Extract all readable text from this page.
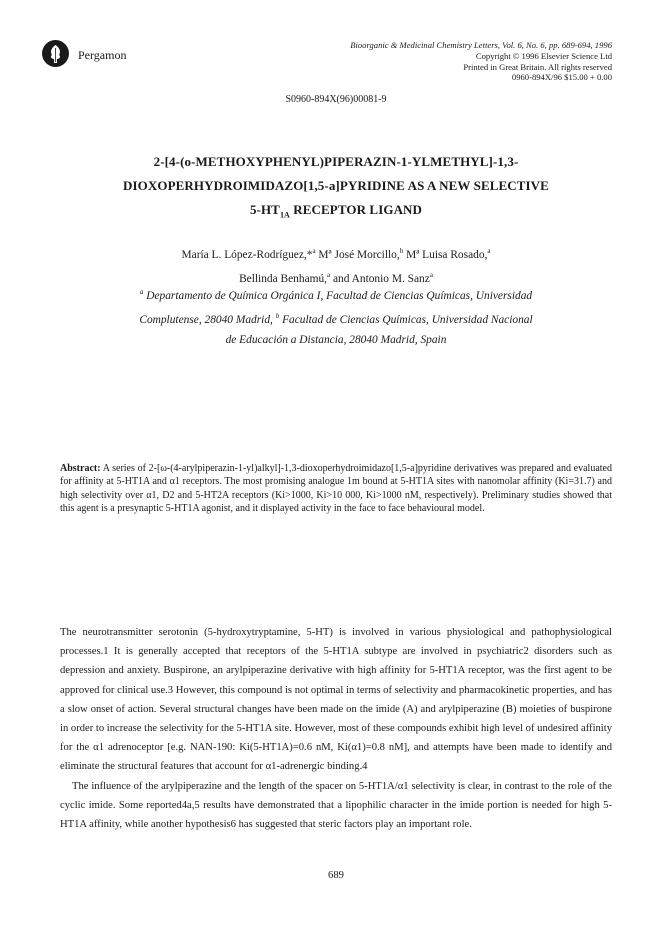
Pergamon
Bioorganic & Medicinal Chemistry Letters, Vol. 6, No. 6, pp. 689-694, 1996
Copyright © 1996 Elsevier Science Ltd
Printed in Great Britain. All rights reserved
0960-894X/96 $15.00 + 0.00
S0960-894X(96)00081-9
2-[4-(o-METHOXYPHENYL)PIPERAZIN-1-YLMETHYL]-1,3-
DIOXOPERHYDROIMIDAZO[1,5-a]PYRIDINE AS A NEW SELECTIVE
$5-HT_{1A}$ RECEPTOR LIGAND
María L. López-Rodríguez,*$^a$ Mª José Morcillo,$^b$ Mª Luisa Rosado,$^a$
Bellinda Benhamú,$^a$ and Antonio M. Sanz$^a$
$^a$ Departamento de Química Orgánica I, Facultad de Ciencias Químicas, Universidad
Complutense, 28040 Madrid, $^b$ Facultad de Ciencias Químicas, Universidad Nacional
de Educación a Distancia, 28040 Madrid, Spain
Abstract: A series of 2-[ω-(4-arylpiperazin-1-yl)alkyl]-1,3-dioxoperhydroimidazo[1,5-a]pyridine derivatives was prepared and evaluated for affinity at 5-HT1A and α1 receptors. The most promising analogue 1m bound at 5-HT1A sites with nanomolar affinity (Ki=31.7) and high selectivity over α1, D2 and 5-HT2A receptors (Ki>1000, Ki>10 000, Ki>1000 nM, respectively). Preliminary studies showed that this agent is a presynaptic 5-HT1A agonist, and it displayed activity in the face to face behavioural model.

The neurotransmitter serotonin (5-hydroxytryptamine, 5-HT) is involved in various physiological and pathophysiological processes.1 It is generally accepted that receptors of the 5-HT1A subtype are involved in psychiatric2 disorders such as depression and anxiety. Buspirone, an arylpiperazine derivative with high affinity for 5-HT1A receptor, was the first agent to be approved for clinical use.3 However, this compound is not optimal in terms of selectivity and pharmacokinetic properties, and has a slow onset of action. Several structural changes have been made on the imide (A) and arylpiperazine (B) moieties of buspirone in order to increase the selectivity for the 5-HT1A site. However, most of these compounds exhibit high level of undesired affinity for the α1 adrenoceptor [e.g. NAN-190: Ki(5-HT1A)=0.6 nM, Ki(α1)=0.8 nM], and attempts have been made to identify and eliminate the structural features that account for α1-adrenergic binding.4

The influence of the arylpiperazine and the length of the spacer on 5-HT1A/α1 selectivity is clear, in contrast to the role of the cyclic imide. Some reported4a,5 results have demonstrated that a lipophilic character in the imide portion is needed for high 5-HT1A affinity, while another hypothesis6 has suggested that steric factors play an important role.

689
